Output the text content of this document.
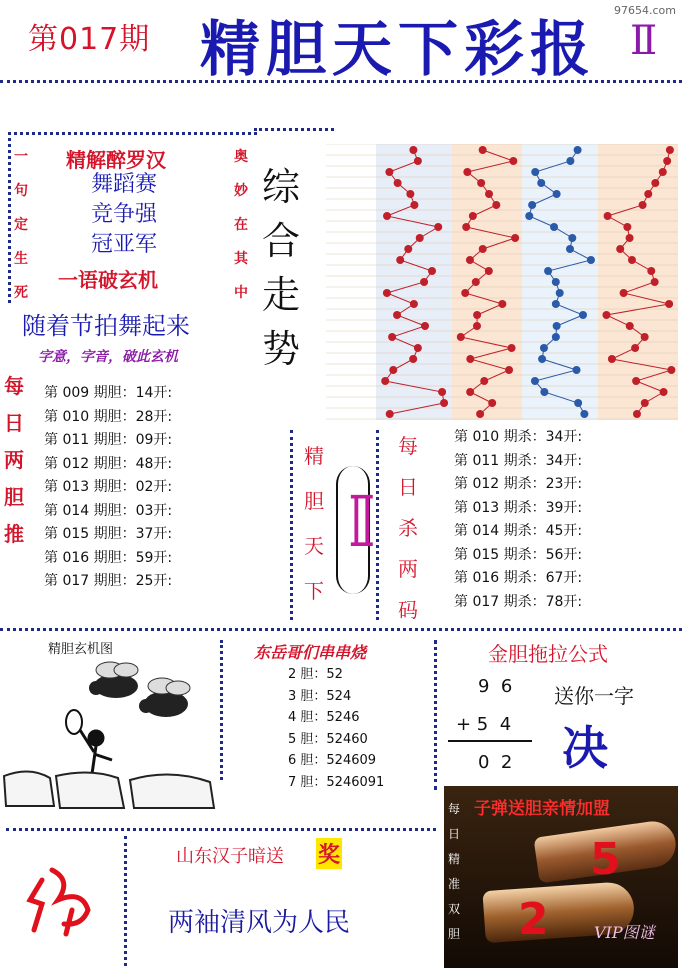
97654.com
第017期 精胆天下彩报 Ⅱ
一
句
定
生
死
奥
妙
在
其
中
精解醉罗汉
舞蹈赛
竞争强
冠亚军
一语破玄机
随着节拍舞起来
字意，字音，破此玄机
综
合
走
势
每
日
两
胆
推
第 009 期胆：14开:
第 010 期胆：28开:
第 011 期胆：09开:
第 012 期胆：48开:
第 013 期胆：02开:
第 014 期胆：03开:
第 015 期胆：37开:
第 016 期胆：59开:
第 017 期胆：25开:
精
胆
天
下
Ⅱ
每
日
杀
两
码
第 010 期杀：34开:
第 011 期杀：34开:
第 012 期杀：23开:
第 013 期杀：39开:
第 014 期杀：45开:
第 015 期杀：56开:
第 016 期杀：67开:
第 017 期杀：78开:
精胆玄机图	东岳哥们串串烧
2 胆：52
3 胆：524
4 胆：5246
5 胆：52460
6 胆：524609
7 胆：5246091
金胆拖拉公式
9  6
+ 5  4
0  2
送你一字
决
山东汉子暗送 奖
两袖清风为人民
子弹送胆亲情加盟
每
日
精
准
双
胆
5
2	VIP图谜
